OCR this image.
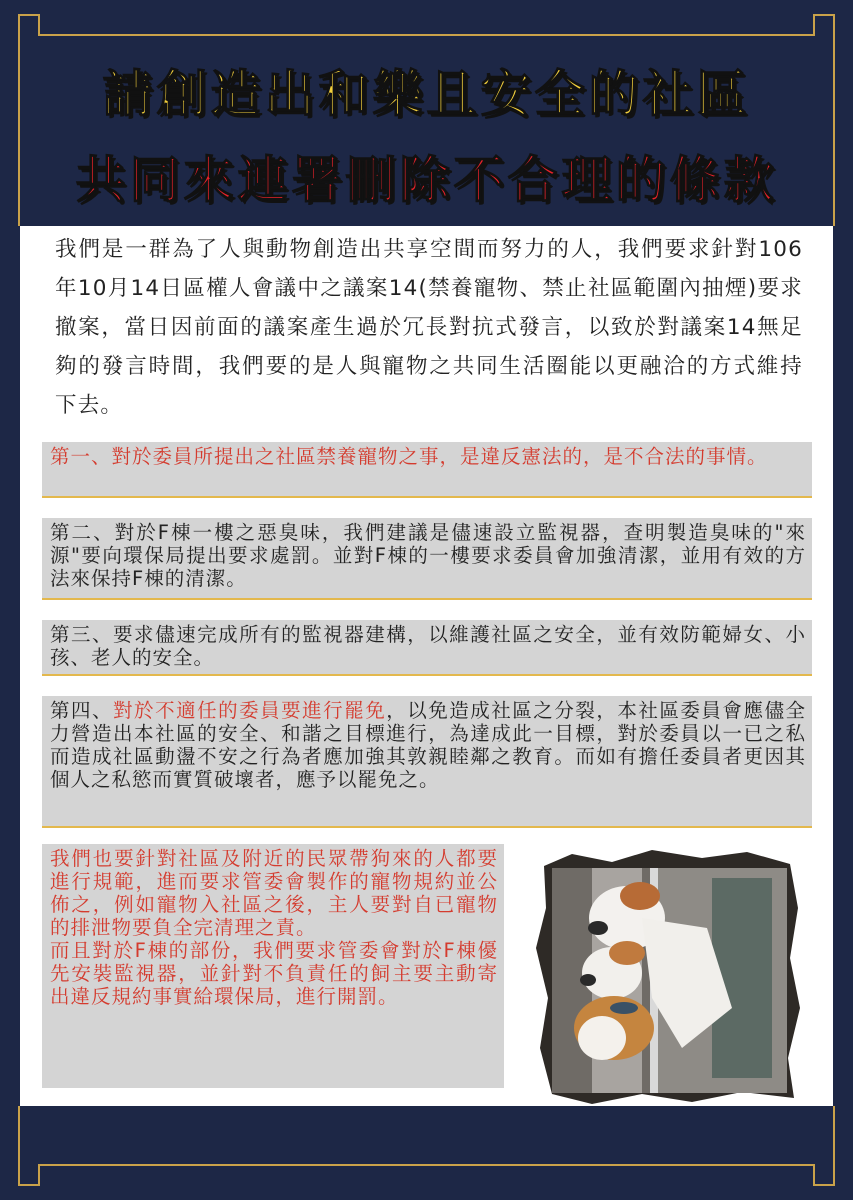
請創造出和樂且安全的社區
共同來連署刪除不合理的條款
我們是一群為了人與動物創造出共享空間而努力的人，我們要求針對106年10月14日區權人會議中之議案14(禁養寵物、禁止社區範圍內抽煙)要求撤案，當日因前面的議案產生過於冗長對抗式發言，以致於對議案14無足夠的發言時間，我們要的是人與寵物之共同生活圈能以更融洽的方式維持下去。
第一、對於委員所提出之社區禁養寵物之事，是違反憲法的，是不合法的事情。
第二、對於F棟一樓之惡臭味，我們建議是儘速設立監視器，查明製造臭味的"來源"要向環保局提出要求處罰。並對F棟的一樓要求委員會加強清潔，並用有效的方法來保持F棟的清潔。
第三、要求儘速完成所有的監視器建構，以維護社區之安全，並有效防範婦女、小孩、老人的安全。
第四、對於不適任的委員要進行罷免，以免造成社區之分裂，本社區委員會應儘全力營造出本社區的安全、和諧之目標進行，為達成此一目標，對於委員以一已之私而造成社區動盪不安之行為者應加強其敦親睦鄰之教育。而如有擔任委員者更因其個人之私慾而實質破壞者，應予以罷免之。
我們也要針對社區及附近的民眾帶狗來的人都要進行規範，進而要求管委會製作的寵物規約並公佈之，例如寵物入社區之後，主人要對自已寵物的排泄物要負全完清理之責。
而且對於F棟的部份，我們要求管委會對於F棟優先安裝監視器，並針對不負責任的飼主要主動寄出違反規約事實給環保局，進行開罰。
